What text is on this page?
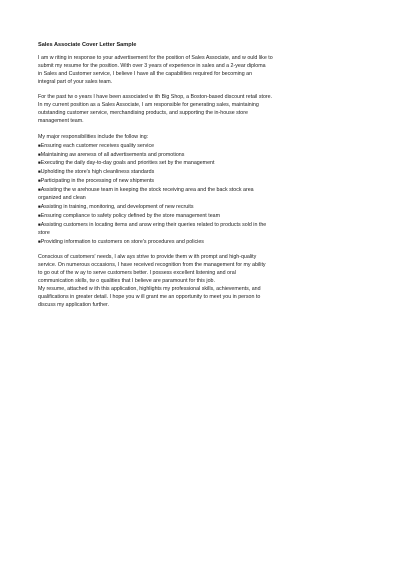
Sales Associate Cover Letter Sample
I am w riting in response to your advertisement for the position of Sales Associate, and w ould like to
submit my resume for the position. With over 3 years of experience in sales and a 2-year diploma
in Sales and Customer service, I believe I have all the capabilities required for becoming an
integral part of your sales team.
For the past tw o years I have been associated w ith Big Shop, a Boston-based discount retail store.
In my current position as a Sales Associate, I am responsible for generating sales, maintaining
outstanding customer service, merchandising products, and supporting the in-house store
management team.
My major responsibilities include the follow ing:
■Ensuring each customer receives quality service
■Maintaining aw areness of all advertisements and promotions
■Executing the daily day-to-day goals and priorities set by the management
■Upholding the store's high cleanliness standards
■Participating in the processing of new shipments
■Assisting the w arehouse team in keeping the stock receiving area and the back stock area
organized and clean
■Assisting in training, monitoring, and development of new recruits
■Ensuring compliance to safety policy defined by the store management team
■Assisting customers in locating items and answ ering their queries related to products sold in the
store
■Providing information to customers on store's procedures and policies
Conscious of customers' needs, I alw ays strive to provide them w ith prompt and high-quality
service. On numerous occasions, I have received recognition from the management for my ability
to go out of the w ay to serve customers better. I possess excellent listening and oral
communication skills, tw o qualities that I believe are paramount for this job.
My resume, attached w ith this application, highlights my professional skills, achievements, and
qualifications in greater detail. I hope you w ill grant me an opportunity to meet you in person to
discuss my application further.
